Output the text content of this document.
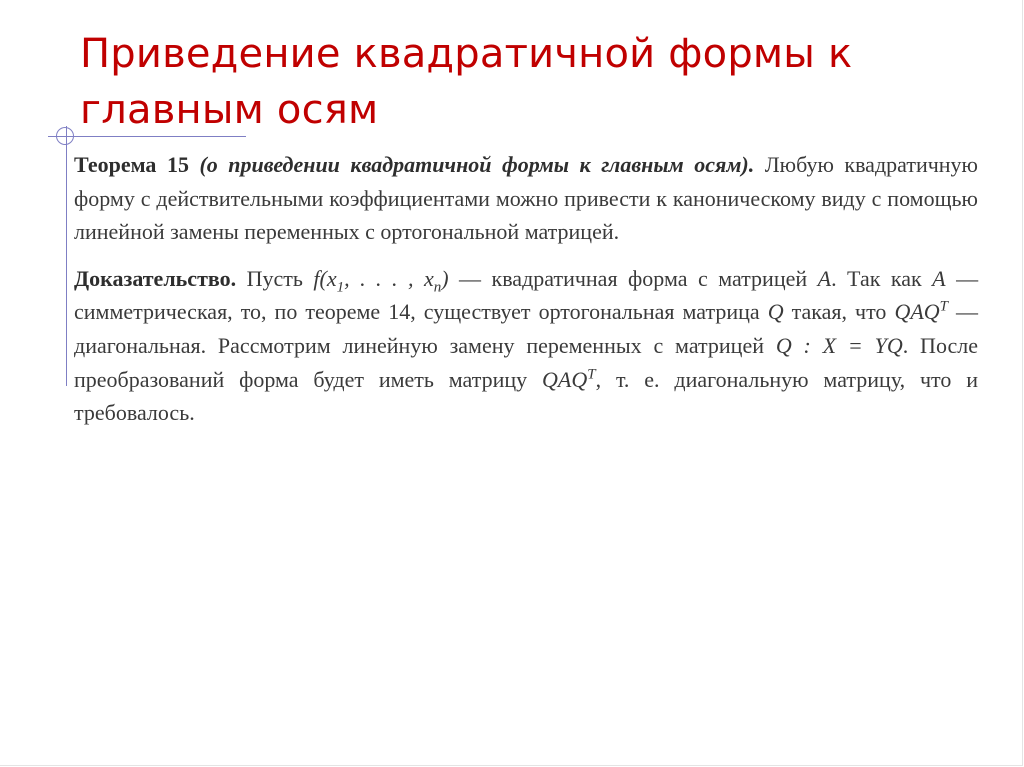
Приведение квадратичной формы к
главным осям

Теорема 15 (о приведении квадратичной формы к главным осям). Любую квадратичную форму с действительными коэффициентами можно привести к каноническому виду с помощью линейной замены переменных с ортогональной матрицей.

Доказательство. Пусть $f(x_1$, . . . , $x_n$) — квадратичная форма с матрицей A. Так как A — симметрическая, то, по теореме 14, существует ортогональная матрица Q такая, что $QAQ^T$ — диагональная. Рассмотрим линейную замену переменных с матрицей Q : X = YQ. После преобразований форма будет иметь матрицу $QAQ^T$, т. е. диагональную матрицу, что и требовалось.
